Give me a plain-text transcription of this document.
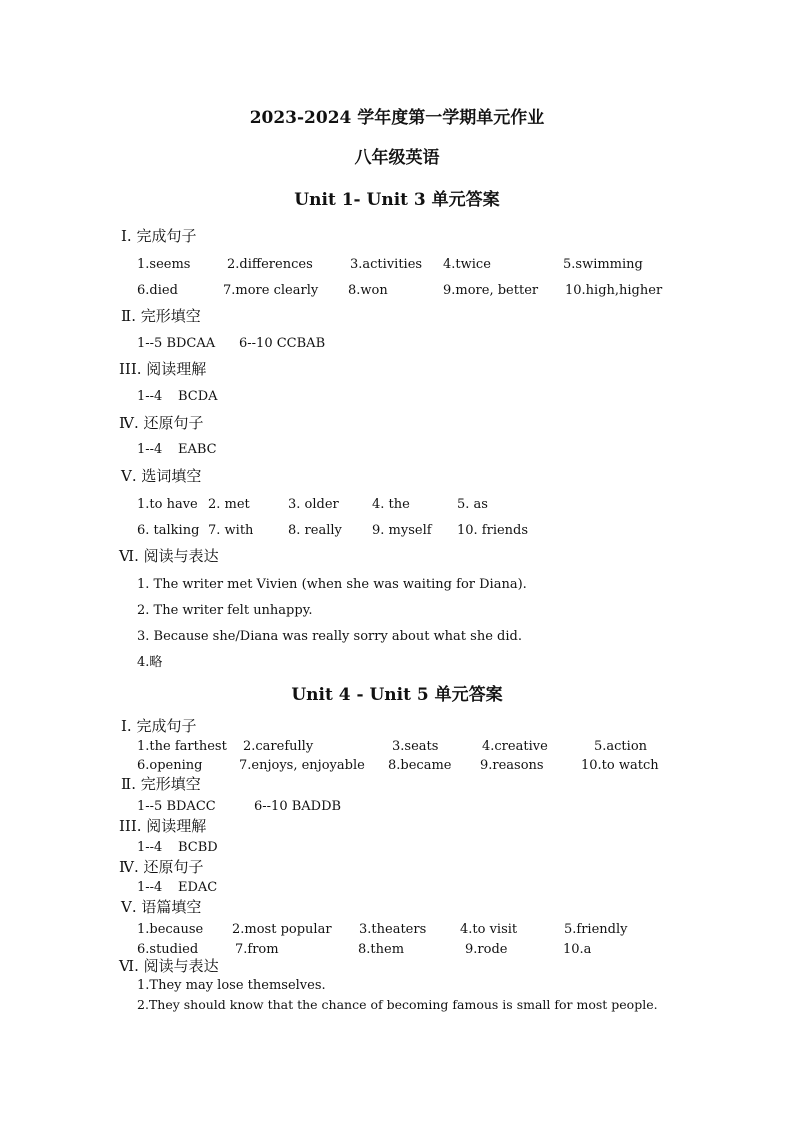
2023-2024 学年度第一学期单元作业
八年级英语
Unit 1- Unit 3 单元答案
Ⅰ. 完成句子
1.seems	2.differences	3.activities 4.twice	5.swimming
6.died	7.more clearly 8.won	9.more, better 10.high,higher
Ⅱ. 完形填空
1--5 BDCAA 6--10 CCBAB
III. 阅读理解
1--4 BCDA
Ⅳ. 还原句子
1--4 EABC
Ⅴ. 选词填空
1.to have 2. met	3. older	4. the	5. as
6. talking 7. with	8. really 9. myself 10. friends
Ⅵ. 阅读与表达
1. The writer met Vivien (when she was waiting for Diana).
2. The writer felt unhappy.
3. Because she/Diana was really sorry about what she did.
4.略
Unit 4 - Unit 5 单元答案
Ⅰ. 完成句子
1.the farthest 2.carefully	3.seats	4.creative	5.action
6.opening	7.enjoys, enjoyable 8.became 9.reasons	10.to watch
Ⅱ. 完形填空
1--5 BDACC	6--10 BADDB
III. 阅读理解
1--4 BCBD
Ⅳ. 还原句子
1--4 EDAC
Ⅴ. 语篇填空
1.because 2.most popular 3.theaters	4.to visit	5.friendly
6.studied	7.from	8.them	9.rode	10.a
Ⅵ. 阅读与表达
1.They may lose themselves.
2.They should know that the chance of becoming famous is small for most people.
